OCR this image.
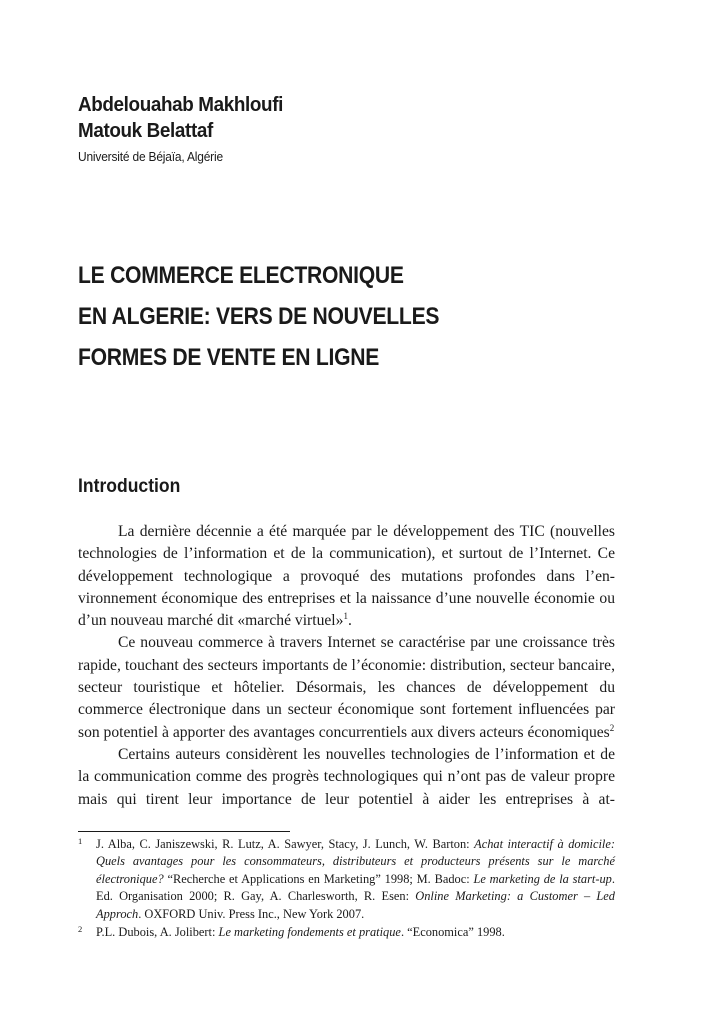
Abdelouahab Makhloufi
Matouk Belattaf
Université de Béjaïa, Algérie
LE COMMERCE ELECTRONIQUE
EN ALGERIE: VERS DE NOUVELLES
FORMES DE VENTE EN LIGNE
Introduction

La dernière décennie a été marquée par le développement des TIC (nouvelles technologies de l’information et de la communication), et surtout de l’Internet. Ce développement technologique a provoqué des mutations profondes dans l’environnement économique des entreprises et la naissance d’une nouvelle économie ou d’un nouveau marché dit «marché virtuel»$^1$.

Ce nouveau commerce à travers Internet se caractérise par une croissance très rapide, touchant des secteurs importants de l’économie: distribution, secteur bancaire, secteur touristique et hôtelier. Désormais, les chances de développement du commerce électronique dans un secteur économique sont fortement influencées par son potentiel à apporter des avantages concurrentiels aux divers acteurs économiques$^2$

Certains auteurs considèrent les nouvelles technologies de l’information et de la communication comme des progrès technologiques qui n’ont pas de valeur propre mais qui tirent leur importance de leur potentiel à aider les entreprises à at-

1 J. Alba, C. Janiszewski, R. Lutz, A. Sawyer, Stacy, J. Lunch, W. Barton: Achat interactif à domicile: Quels avantages pour les consommateurs, distributeurs et producteurs présents sur le marché électronique? “Recherche et Applications en Marketing” 1998; M. Badoc: Le marketing de la start-up. Ed. Organisation 2000; R. Gay, A. Charlesworth, R. Esen: Online Marketing: a Customer – Led Approch. OXFORD Univ. Press Inc., New York 2007.
2 P.L. Dubois, A. Jolibert: Le marketing fondements et pratique. “Economica” 1998.
